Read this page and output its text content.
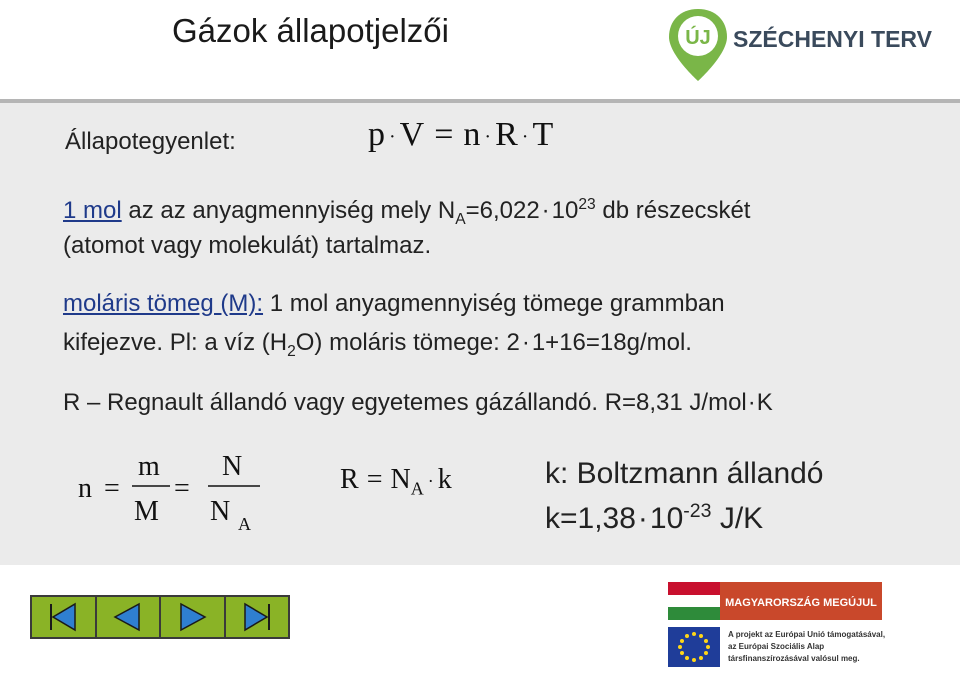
Gázok állapotjelzői	ÚJ SZÉCHENYI TERV
Állapotegyenlet:	p · V = n · R · T
1 mol az az anyagmennyiség mely $N_A=6,022\cdot 10^{23}$ db részecskét
(atomot vagy molekulát) tartalmaz.
moláris tömeg (M): 1 mol anyagmennyiség tömege grammban
kifejezve. Pl: a víz $(H_2O)$ moláris tömege: 2·1+16=18g/mol.
R – Regnault állandó vagy egyetemes gázállandó. R=8,31 J/mol·K
n =
m
M
=
N
N A
$R = N_A \cdot k$	k: Boltzmann állandó
$k=1,38\cdot 10^{-23}$ J/K
MAGYARORSZÁG MEGÚJUL
A projekt az Európai Unió támogatásával,
az Európai Szociális Alap
társfinanszírozásával valósul meg.
